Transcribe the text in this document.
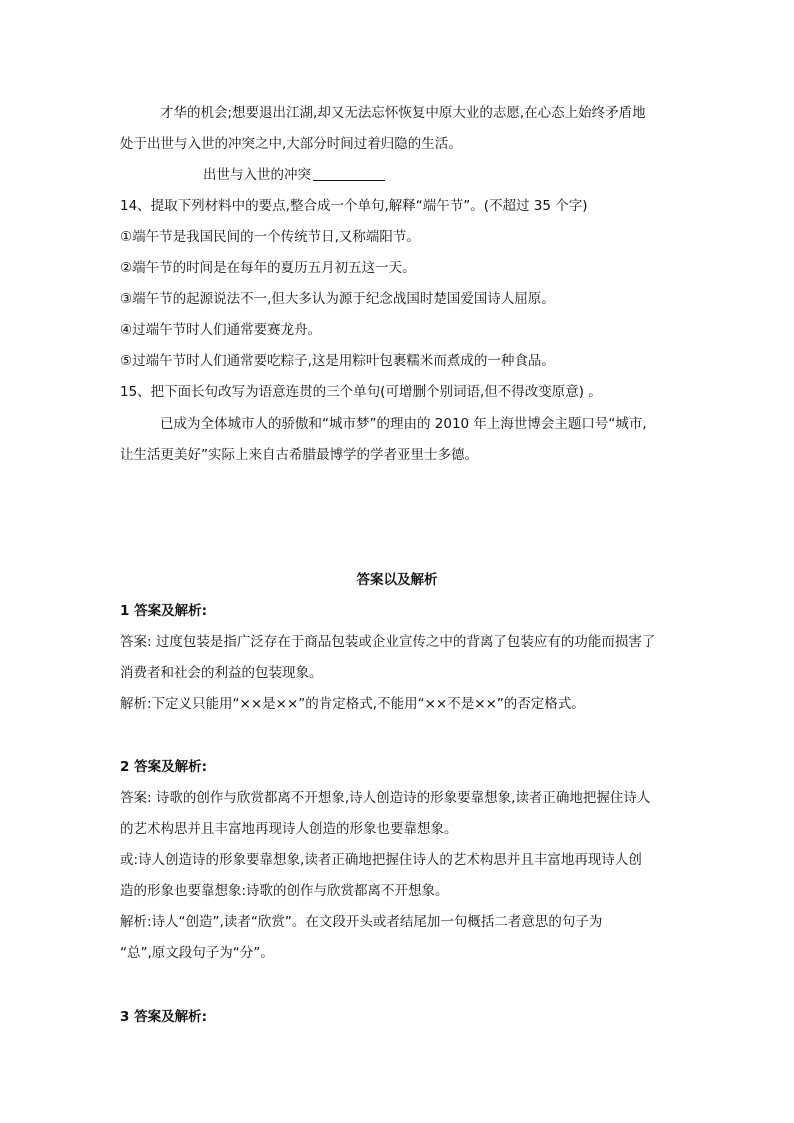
才华的机会;想要退出江湖,却又无法忘怀恢复中原大业的志愿,在心态上始终矛盾地
处于出世与入世的冲突之中,大部分时间过着归隐的生活。
出世与入世的冲突
14、提取下列材料中的要点,整合成一个单句,解释“端午节”。(不超过 35 个字)
①端午节是我国民间的一个传统节日,又称端阳节。
②端午节的时间是在每年的夏历五月初五这一天。
③端午节的起源说法不一,但大多认为源于纪念战国时楚国爱国诗人屈原。
④过端午节时人们通常要赛龙舟。
⑤过端午节时人们通常要吃粽子,这是用粽叶包裹糯米而煮成的一种食品。
15、把下面长句改写为语意连贯的三个单句(可增删个别词语,但不得改变原意) 。
已成为全体城市人的骄傲和“城市梦”的理由的 2010 年上海世博会主题口号“城市,
让生活更美好”实际上来自古希腊最博学的学者亚里士多德。
答案以及解析
1 答案及解析:
答案: 过度包装是指广泛存在于商品包装或企业宣传之中的背离了包装应有的功能而损害了
消费者和社会的利益的包装现象。
解析:下定义只能用“××是××”的肯定格式,不能用“××不是××”的否定格式。
2 答案及解析:
答案: 诗歌的创作与欣赏都离不开想象,诗人创造诗的形象要靠想象,读者正确地把握住诗人
的艺术构思并且丰富地再现诗人创造的形象也要靠想象。
或:诗人创造诗的形象要靠想象,读者正确地把握住诗人的艺术构思并且丰富地再现诗人创
造的形象也要靠想象:诗歌的创作与欣赏都离不开想象。
解析:诗人“创造”,读者“欣赏”。在文段开头或者结尾加一句概括二者意思的句子为
“总”,原文段句子为“分”。
3 答案及解析:
